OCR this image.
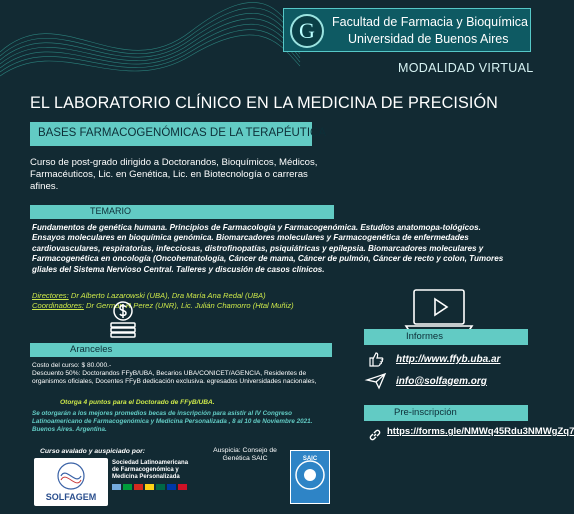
G	Facultad de Farmacia y Bioquímica
Universidad de Buenos Aires
MODALIDAD VIRTUAL
EL LABORATORIO CLÍNICO EN LA MEDICINA DE PRECISIÓN
BASES FARMACOGENÓMICAS DE LA TERAPÉUTICA
Curso de post-grado dirigido a Doctorandos, Bioquímicos, Médicos, Farmacéuticos, Lic. en Genética, Lic. en Biotecnología o carreras afines.
TEMARIO
Fundamentos de genética humana. Principios de Farmacología y Farmacogenómica. Estudios anatomopa-tológicos. Ensayos moleculares en bioquímica genómica. Biomarcadores moleculares y Farmacogenética de enfermedades cardiovasculares, respiratorias, infecciosas, distrofinopatías, psiquiátricas y epilepsia. Biomarcadores moleculares y Farmacogenética en oncología (Oncohematología, Cáncer de mama, Cáncer de pulmón, Cáncer de recto y colon, Tumores gliales del Sistema Nervioso Central. Talleres y discusión de casos clínicos.
Directores: Dr Alberto Lazarowski (UBA), Dra María Ana Redal (UBA)
Coordinadores: Dr Germán R Perez (UNR), Lic. Julián Chamorro (Htal Muñiz)
Aranceles
Costo del curso: $ 80.000.-
Descuento 50%: Doctorandos FFyB/UBA, Becarios UBA/CONICET/AGENCIA, Residentes de organismos oficiales, Docentes FFyB dedicación exclusiva. egresados Universidades nacionales,
Otorga 4 puntos para el Doctorado de FFyB/UBA.
Se otorgarán a los mejores promedios becas de inscripción para asistir al IV Congreso Latinoamericano de Farmacogenómica y Medicina Personalizada , 8 al 10 de Noviembre 2021. Buenos Aires. Argentina.
Curso avalado y auspiciado por:
SOLFAGEM
Sociedad Latinoamericana de Farmacogenómica y Medicina Personalizada
Auspicia: Consejo de Genética SAIC	SAIC
Informes
http://www.ffyb.uba.ar
info@solfagem.org
Pre-inscripción
https://forms.gle/NMWq45Rdu3NMWgZq7
